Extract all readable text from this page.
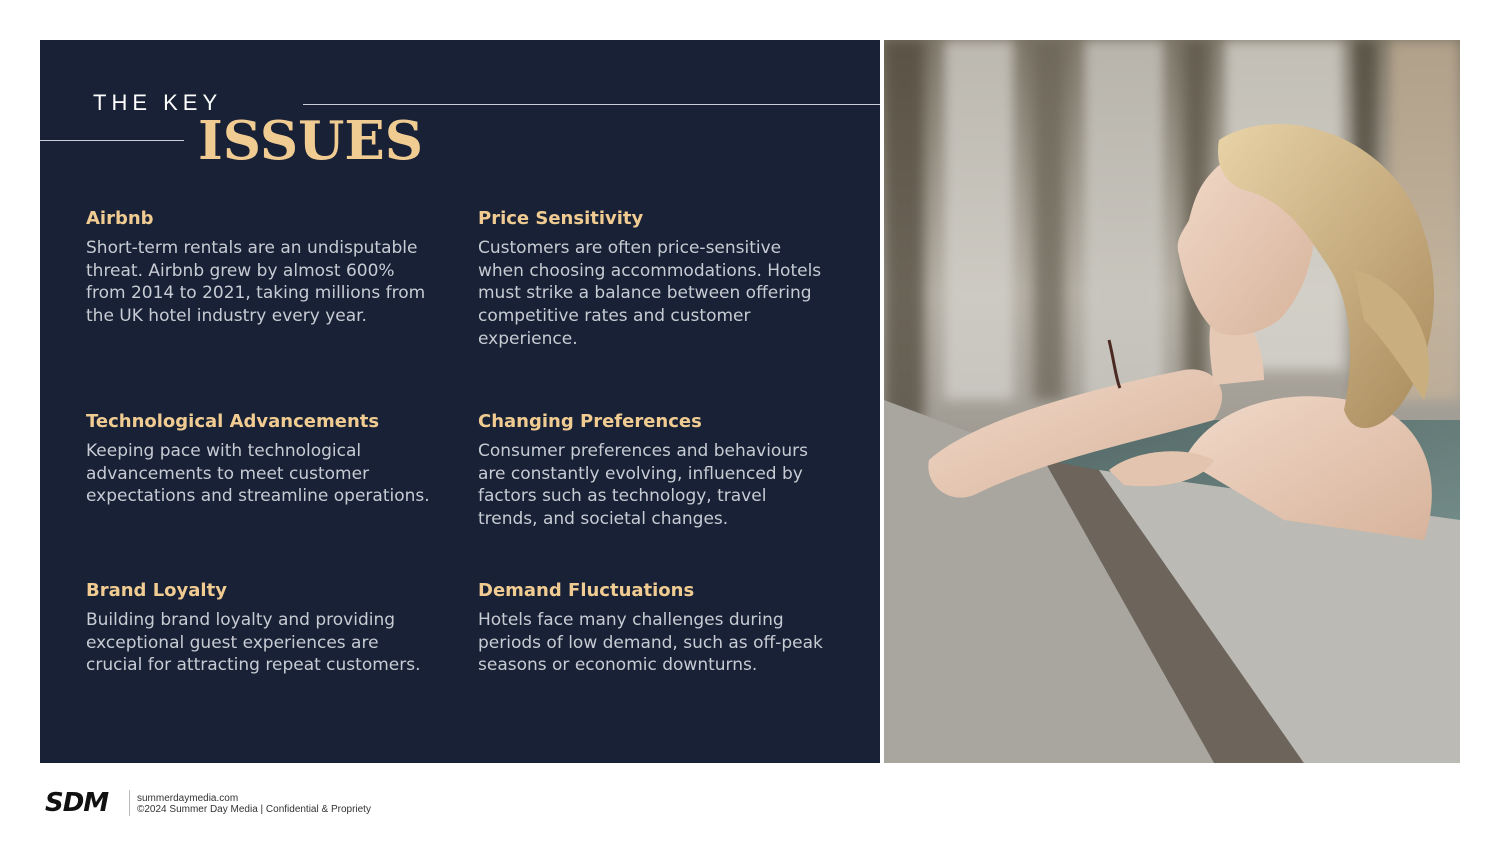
THE KEY
ISSUES
Airbnb

Short-term rentals are an undisputable threat. Airbnb grew by almost 600% from 2014 to 2021, taking millions from the UK hotel industry every year.

Price Sensitivity

Customers are often price-sensitive when choosing accommodations. Hotels must strike a balance between offering competitive rates and customer experience.

Technological Advancements

Keeping pace with technological advancements to meet customer expectations and streamline operations.

Changing Preferences

Consumer preferences and behaviours are constantly evolving, influenced by factors such as technology, travel trends, and societal changes.

Brand Loyalty

Building brand loyalty and providing exceptional guest experiences are crucial for attracting repeat customers.

Demand Fluctuations

Hotels face many challenges during periods of low demand, such as off-peak seasons or economic downturns.

SDM	summerdaymedia.com
©2024 Summer Day Media | Confidential & Propriety
